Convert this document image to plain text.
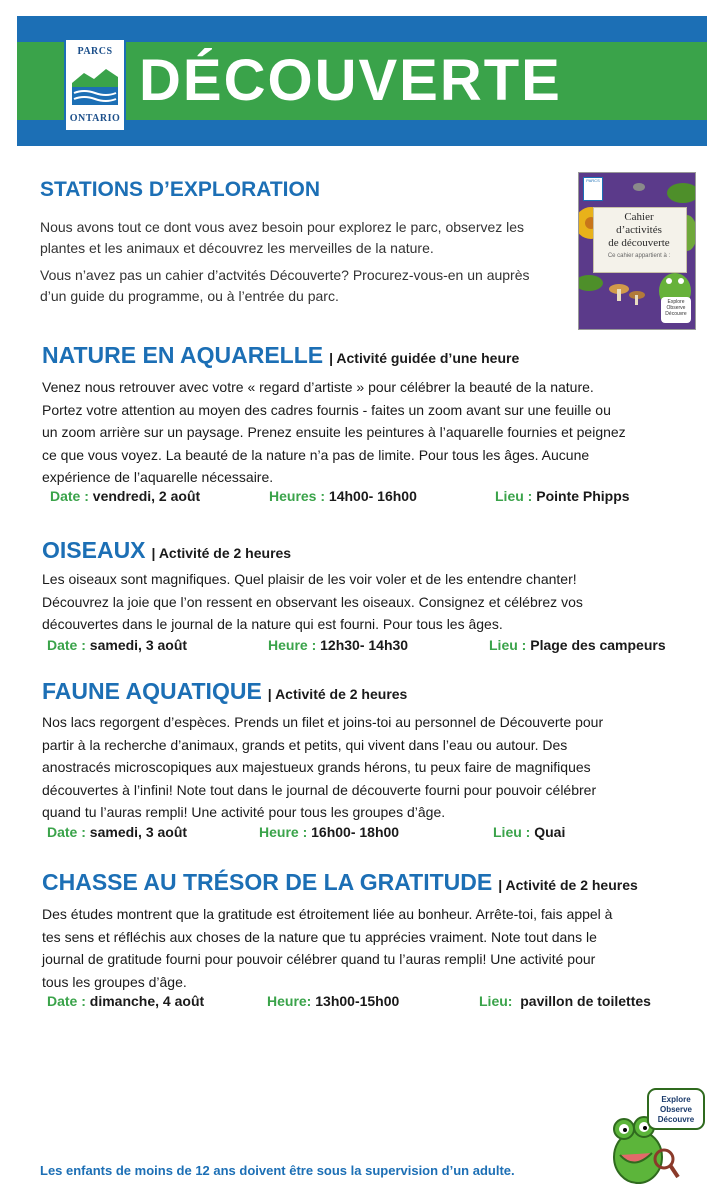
PARCS
ONTARIO
DÉCOUVERTE
STATIONS D’EXPLORATION
Nous avons tout ce dont vous avez besoin pour explorez le parc, observez les
plantes et les animaux et découvrez les merveilles de la nature.
Vous n’avez pas un cahier d’actvités Découverte? Procurez-vous-en un auprès
d’un guide du programme, ou à l’entrée du parc.
PARCS
Cahier
d’activités
de découverte
Ce cahier appartient à :
Explore
Observe
Découvre
NATURE EN AQUARELLE | Activité guidée d’une heure
Venez nous retrouver avec votre « regard d’artiste » pour célébrer la beauté de la nature.
Portez votre attention au moyen des cadres fournis - faites un zoom avant sur une feuille ou
un zoom arrière sur un paysage. Prenez ensuite les peintures à l’aquarelle fournies et peignez
ce que vous voyez. La beauté de la nature n’a pas de limite. Pour tous les âges. Aucune
expérience de l’aquarelle nécessaire.
Date : vendredi, 2 août	Heures : 14h00- 16h00	Lieu : Pointe Phipps
OISEAUX | Activité de 2 heures
Les oiseaux sont magnifiques. Quel plaisir de les voir voler et de les entendre chanter!
Découvrez la joie que l’on ressent en observant les oiseaux. Consignez et célébrez vos
découvertes dans le journal de la nature qui est fourni. Pour tous les âges.
Date : samedi, 3 août	Heure : 12h30- 14h30	Lieu : Plage des campeurs
FAUNE AQUATIQUE | Activité de 2 heures
Nos lacs regorgent d’espèces. Prends un filet et joins-toi au personnel de Découverte pour
partir à la recherche d’animaux, grands et petits, qui vivent dans l’eau ou autour. Des
anostracés microscopiques aux majestueux grands hérons, tu peux faire de magnifiques
découvertes à l’infini! Note tout dans le journal de découverte fourni pour pouvoir célébrer
quand tu l’auras rempli! Une activité pour tous les groupes d’âge.
Date : samedi, 3 août	Heure : 16h00- 18h00	Lieu : Quai
CHASSE AU TRÉSOR DE LA GRATITUDE | Activité de 2 heures
Des études montrent que la gratitude est étroitement liée au bonheur. Arrête-toi, fais appel à
tes sens et réfléchis aux choses de la nature que tu apprécies vraiment. Note tout dans le
journal de gratitude fourni pour pouvoir célébrer quand tu l’auras rempli! Une activité pour
tous les groupes d’âge.
Date : dimanche, 4 août	Heure: 13h00-15h00	Lieu: pavillon de toilettes
Explore
Observe
Découvre
Les enfants de moins de 12 ans doivent être sous la supervision d’un adulte.
